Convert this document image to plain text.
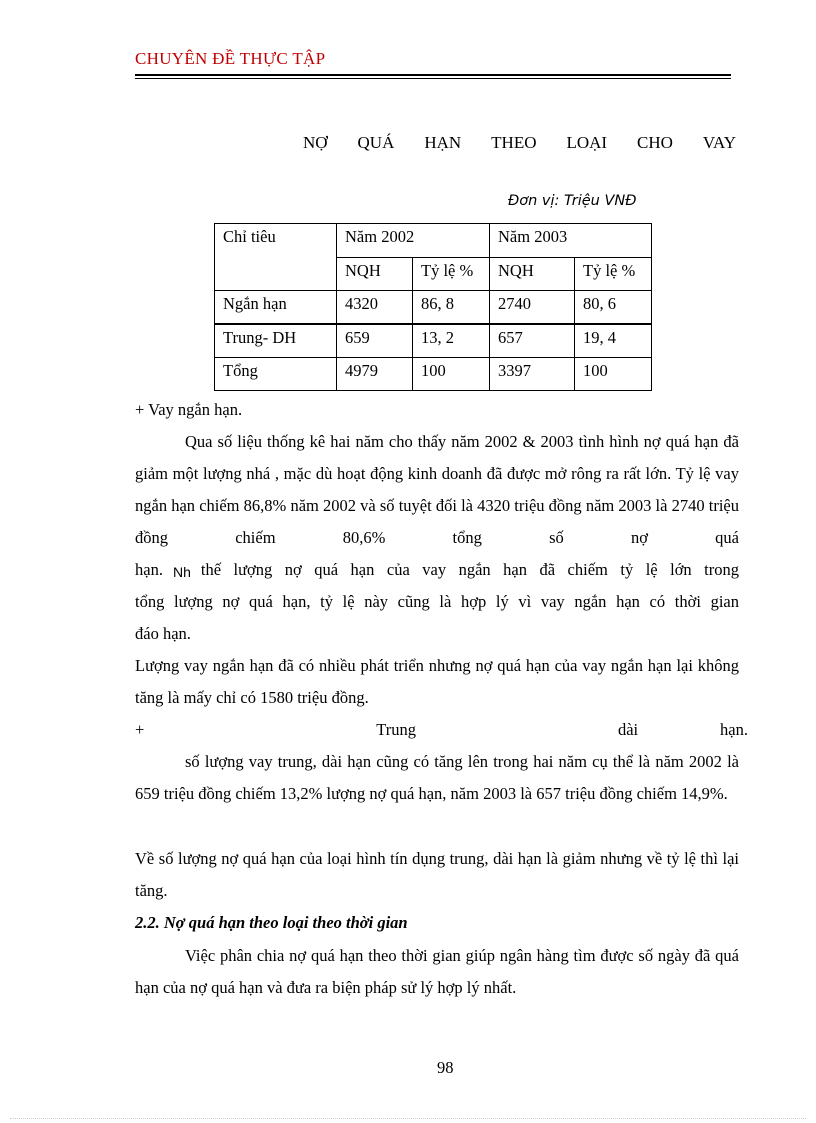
CHUYÊN ĐỀ THỰC TẬP
NỢ QUÁ HẠN THEO LOẠI CHO VAY
Đơn vị: Triệu VNĐ
Chỉ tiêu	Năm 2002		Năm 2003	
	NQH	Tỷ lệ %	NQH	Tỷ lệ %
Ngắn hạn	4320	86, 8	2740	80, 6
Trung- DH	659	13, 2	657	19, 4
Tổng	4979	100	3397	100
+ Vay ngắn hạn.
Qua số liệu thống kê hai năm cho thấy năm 2002 & 2003 tình hình nợ quá hạn đã giảm một lượng nhá , mặc dù hoạt động kinh doanh đã được mở rông ra rất lớn. Tỷ lệ vay ngắn hạn chiếm 86,8% năm 2002 và số tuyệt đối là 4320 triệu đồng năm 2003 là 2740 triệu đồng chiếm 80,6% tổng số nợ quá
hạn. Nh thế lượng nợ quá hạn của vay ngắn hạn đã chiếm tỷ lệ lớn trong
tổng lượng nợ quá hạn, tỷ lệ này cũng là hợp lý vì vay ngắn hạn có thời gian
đáo hạn.
Lượng vay ngắn hạn đã có nhiều phát triển nhưng nợ quá hạn của vay ngắn hạn lại không tăng là mấy chỉ có 1580 triệu đồng.
+	Trung	dài	hạn.
số lượng vay trung, dài hạn cũng có tăng lên trong hai năm cụ thể là năm 2002 là 659 triệu đồng chiếm 13,2% lượng nợ quá hạn, năm 2003 là 657 triệu đồng chiếm 14,9%.
Về số lượng nợ quá hạn của loại hình tín dụng trung, dài hạn là giảm nhưng về tỷ lệ thì lại tăng.
2.2. Nợ quá hạn theo loại theo thời gian
Việc phân chia nợ quá hạn theo thời gian giúp ngân hàng tìm được số ngày đã quá hạn của nợ quá hạn và đưa ra biện pháp sử lý hợp lý nhất.
98
